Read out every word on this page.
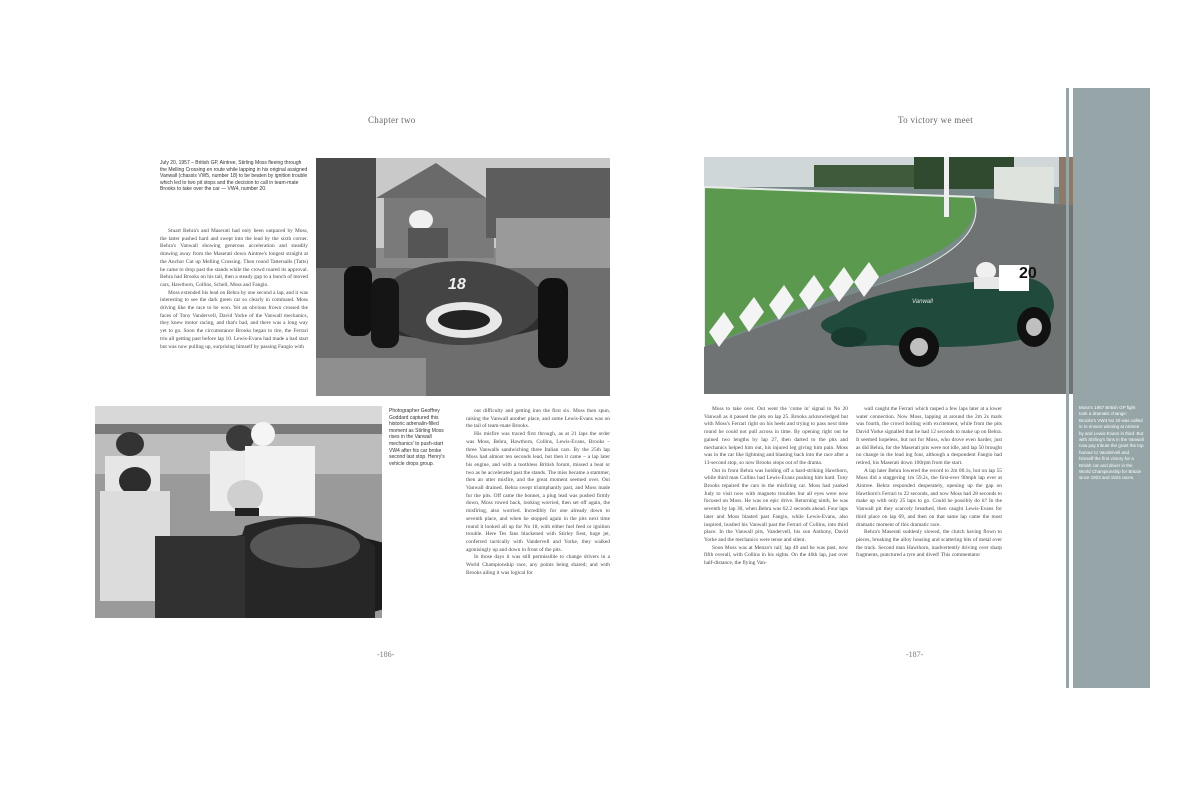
Chapter two
July 20, 1957 – British GP, Aintree, Stirling Moss fleeing through the Melling Crossing en route while lapping in his original assigned Vanwall (chassis VW5, number 18) to be beaten by ignition trouble which led to two pit stops and the decision to call in team-mate Brooks to take over the car — VW4, number 20.
18

Stuart Behra's and Maserati had only been outpaced by Moss, the latter pushed hard and swept into the lead by the sixth corner. Behra's Vanwall showing generous acceleration and steadily drawing away from the Maserati down Aintree's longest straight at the Anchor Cut up Melling Crossing. Then round Tattersalls (Tatts) he came to drop past the stands while the crowd roared its approval. Behra had Brooks on his tail, then a steady gap to a bunch of moved cars, Hawthorn, Collins, Schell, Moss and Fangio.

Moss extended his lead on Behra by one second a lap, and it was interesting to see the dark green car so clearly in command. Moss driving like the race to be won. Yet an obvious frown crossed the faces of Tony Vandervell, David Yorke of the Vanwall mechanics, they knew motor racing, and that's bad, and there was a long way yet to go. Soon the circumstance Brooks began to tire, the Ferrari trio all getting past before lap 10. Lewis-Evans had made a bad start but was now pulling up, surprising himself by passing Fangio with

Photographer Geoffrey Goddard captured this historic adrenalin-filled moment as Stirling Moss rises in the Vanwall mechanics' to push-start VW4 after his car broke second last stop. Henry's vehicle drops group.

out difficulty and getting into the first six. Moss then spun, raising the Vanwall another place, and some Lewis-Evans was on the tail of team-mate Brooks.

His misfire was traced first through, as at 21 laps the order was Moss, Behra, Hawthorn, Collins, Lewis-Evans, Brooks – three Vanwalls sandwiching three Italian cars. By the 25th lap Moss had almost ten seconds lead, but then it came – a lap later his engine, and with a toothless British forum, missed a beat or two as he accelerated past the stands. The miss became a stammer, then an utter misfire, and the great moment seemed over. Out Vanwall drained. Behra swept triumphantly past, and Moss made for the pits. Off came the bonnet, a plug lead was pushed firmly down, Moss rowed back, looking worried, then set off again, the misfiring, also worried. Incredibly for one already down to seventh place, and when he stopped again in the pits next time round it looked all up for No 18, with either fuel feed or ignition trouble. Here Tes fans blackened with Stirley fiest, huge jet, conferred tactically with Vandervell and Yorke, they walked agonisingly up and down in front of the pits.

In those days it was still permissible to change drivers in a World Championship race, any points being shared; and with Brooks ailing it was logical for

-186-
To victory we meet
20
Vanwall

Moss to take over. Out went the 'come in' signal to No 20 Vanwall as it passed the pits on lap 25. Brooks acknowledged but with Moss's Ferrari right on his heels and trying to pass next time round he could not pull across in time. By opening right out he gained two lengths by lap 27, then darted to the pits and mechanics helped him out, his injured leg giving him pain. Moss was in the car like lightning and blasting back into the race after a 13-second stop, so now Brooks stops out of the drama.

Out in front Behra was holding off a hard-striking Hawthorn, while third man Collins had Lewis-Evans pushing him hard. Tony Brooks repaired the cars in the misfiring car. Moss had yanked Judy to visit now with magneto troubles but all eyes were now focused on Moss. He was on epic drive. Returning ninth, he was seventh by lap 30, when Behra was 62.2 seconds ahead. Four laps later and Moss blasted past Fangio, while Lewis-Evans, also inspired, hustled his Vanwall past the Ferrari of Collins, into third place. In the Vanwall pits, Vandervell, his son Anthony, David Yorke and the mechanics were tense and silent.

Soon Moss was at Menzo's tail; lap 40 and he was past, now fifth overall, with Collins in his sights. On the 46th lap, just over half-distance, the flying Van-

wall caught the Ferrari which rasped a few laps later at a lower water connection. Now Moss, lapping at around the 2m 2s mark was fourth, the crowd boiling with excitement, while from the pits David Yorke signalled that he had 12 seconds to make up on Behra. It seemed hopeless, but not for Moss, who drove even harder, just as did Behra, for the Maserati pits were not idle, and lap 50 brought no change in the lead ing four, although a despondent Fangio had retired, his Maserati down 100rpm from the start.

A lap later Behra lowered the record to 2m 00.1s, but on lap 55 Moss did a staggering 1m 59.2s, the first-ever 90mph lap ever at Aintree. Behra responded desperately, opening up the gap on Hawthorn's Ferrari to 22 seconds, and now Moss had 28 seconds to make up with only 25 laps to go. Could he possibly do it? In the Vanwall pit they scarcely breathed, then caught Lewis-Evans for third place on lap 69, and then on that same lap came the most dramatic moment of this dramatic race.

Behra's Maserati suddenly slowed, the clutch having flown to pieces, breaking the alloy housing and scattering bits of metal over the track. Second man Hawthorn, inadvertently driving over sharp fragments, punctured a tyre and dived! This commentator

-187-
Moss's 1957 British GP fight took a dramatic change: Brooks's VW4 No 20 was called in to ensure winning at Aintree by and Lewis-Evans in third. But with Stirling's fans in the Vanwall now pay tribute the grant the top honour to Vandervell and himself the first victory for a British car and driver in the World Championship for Britain since 1923 and 1924 races.
